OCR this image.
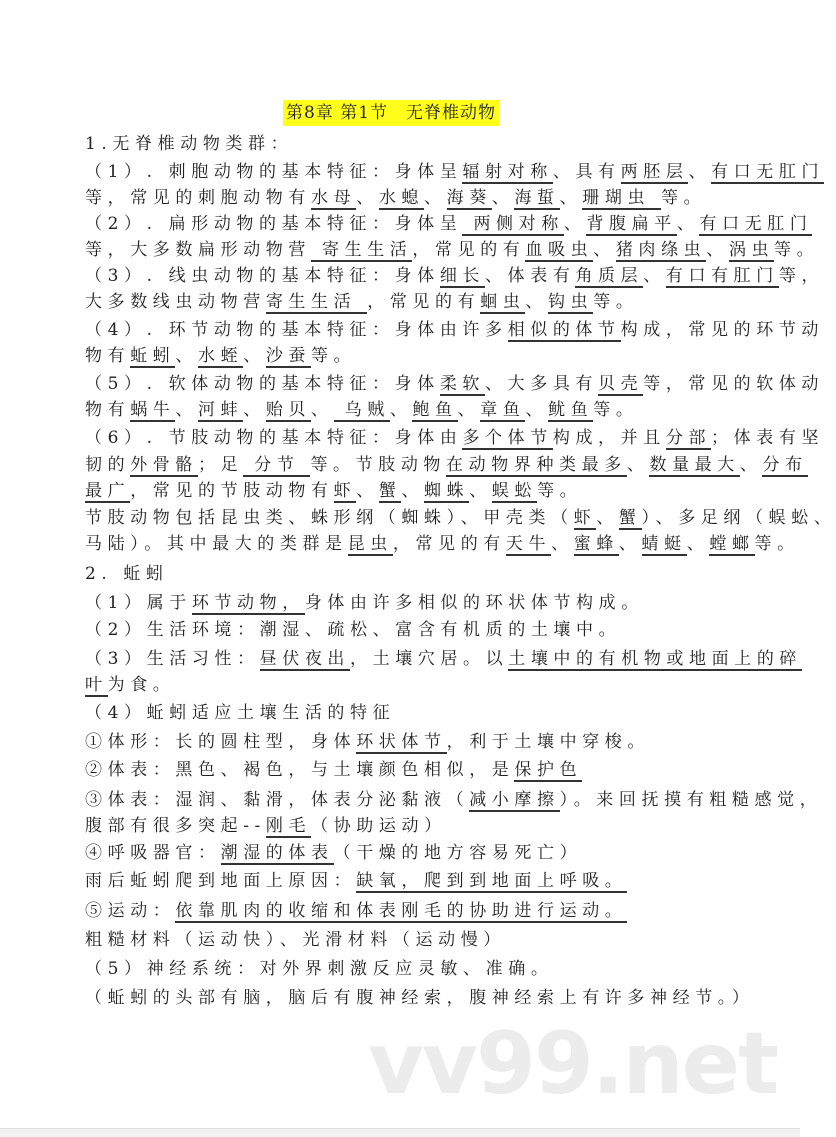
第8章 第1节　无脊椎动物
1.无脊椎动物类群：
（1）. 刺胞动物的基本特征：身体呈辐射对称、具有两胚层、有口无肛门
等，常见的刺胞动物有水母、水螅、海葵、海蜇、珊瑚虫 等。
（2）. 扁形动物的基本特征：身体呈 两侧对称、背腹扁平、有口无肛门
等，大多数扁形动物营 寄生生活，常见的有血吸虫、猪肉绦虫、涡虫等。
（3）. 线虫动物的基本特征：身体细长、体表有角质层、有口有肛门等，
大多数线虫动物营寄生生活 ，常见的有蛔虫、钩虫等。
（4）. 环节动物的基本特征：身体由许多相似的体节构成，常见的环节动
物有蚯蚓、水蛭、沙蚕等。
（5）. 软体动物的基本特征：身体柔软、大多具有贝壳等，常见的软体动
物有蜗牛、河蚌、贻贝、 乌贼、鲍鱼、章鱼、鱿鱼等。
（6）. 节肢动物的基本特征：身体由多个体节构成，并且分部；体表有坚
韧的外骨骼；足 分节 等。节肢动物在动物界种类最多、数量最大、分布
最广，常见的节肢动物有虾、蟹、蜘蛛、蜈蚣等。
节肢动物包括昆虫类、蛛形纲（蜘蛛）、甲壳类（虾、蟹）、多足纲（蜈蚣、
马陆）。其中最大的类群是昆虫，常见的有天牛、蜜蜂、蜻蜓、螳螂等。
2. 蚯蚓
（1）属于环节动物，身体由许多相似的环状体节构成。
（2）生活环境：潮湿、疏松、富含有机质的土壤中。
（3）生活习性：昼伏夜出，土壤穴居。以土壤中的有机物或地面上的碎
叶为食。
（4）蚯蚓适应土壤生活的特征
①体形：长的圆柱型，身体环状体节，利于土壤中穿梭。
②体表：黑色、褐色，与土壤颜色相似，是保护色
③体表：湿润、黏滑，体表分泌黏液（减小摩擦）。来回抚摸有粗糙感觉，
腹部有很多突起--刚毛（协助运动）
④呼吸器官：潮湿的体表（干燥的地方容易死亡）
雨后蚯蚓爬到地面上原因：缺氧，爬到到地面上呼吸。
⑤运动：依靠肌肉的收缩和体表刚毛的协助进行运动。
粗糙材料（运动快）、光滑材料（运动慢）
（5）神经系统：对外界刺激反应灵敏、准确。
（蚯蚓的头部有脑，脑后有腹神经索，腹神经索上有许多神经节。）
vv99.net
